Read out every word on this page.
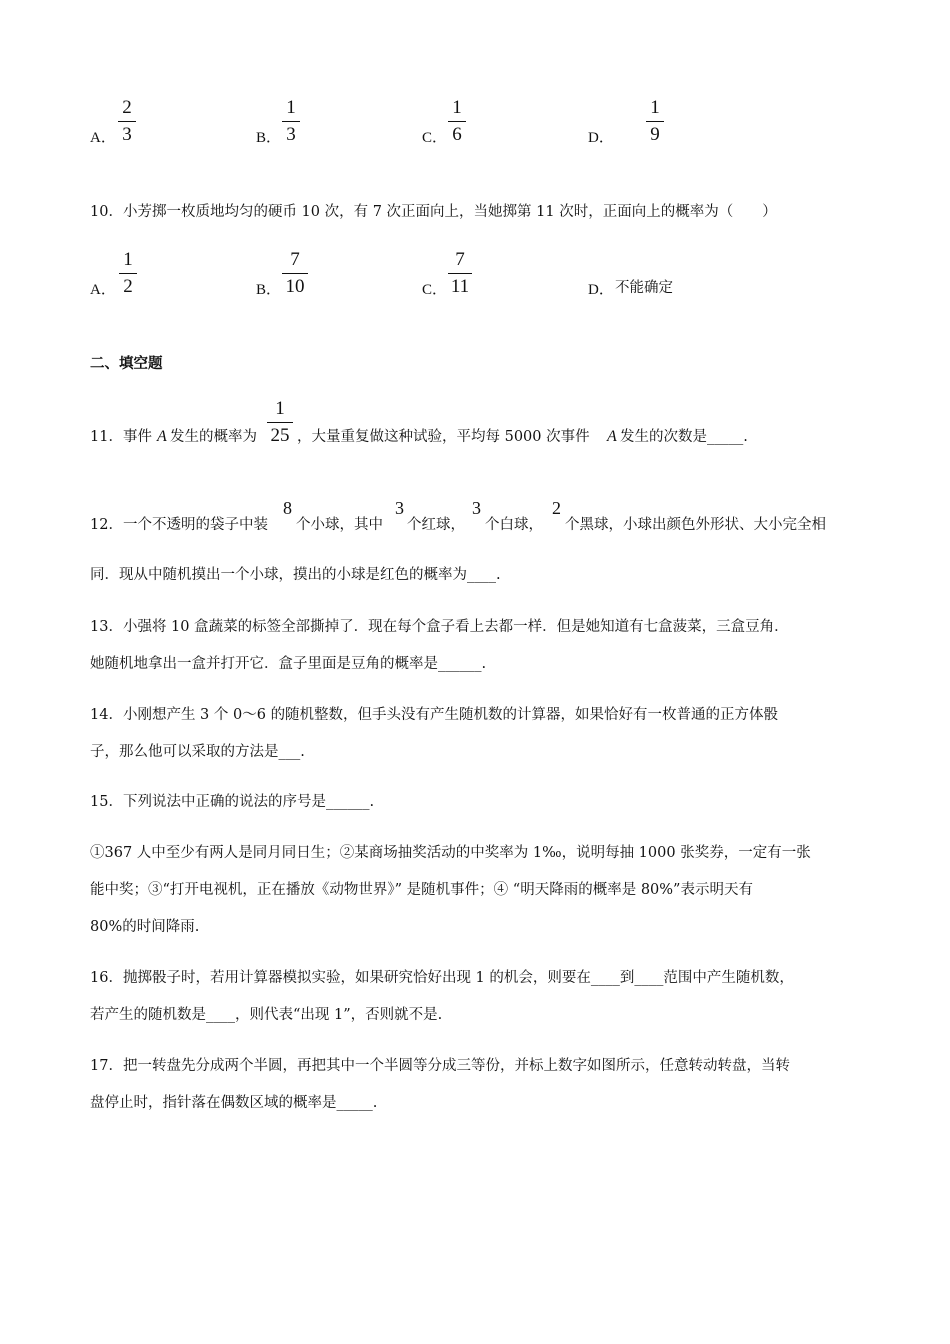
A．
2
3	B．
1
3	C．
1
6	D．
1
9
10．小芳掷一枚质地均匀的硬币 10 次，有 7 次正面向上，当她掷第 11 次时，正面向上的概率为（　　）
A．
1
2	B．
7
10	C．
7
11	D． 不能确定
二、填空题
11．事件 A 发生的概率为
1
25 ，大量重复做这种试验，平均每 5000 次事件 A 发生的次数是_____.
12．一个不透明的袋子中装
8
个小球，其中
3
个红球，
3
个白球，
2
个黑球，小球出颜色外形状、大小完全相
同．现从中随机摸出一个小球，摸出的小球是红色的概率为____.
13．小强将 10 盒蔬菜的标签全部撕掉了．现在每个盒子看上去都一样．但是她知道有七盒菠菜，三盒豆角．
她随机地拿出一盒并打开它．盒子里面是豆角的概率是______.
14．小刚想产生 3 个 0～6 的随机整数，但手头没有产生随机数的计算器，如果恰好有一枚普通的正方体骰
子，那么他可以采取的方法是___.
15．下列说法中正确的说法的序号是______.
①367 人中至少有两人是同月同日生；②某商场抽奖活动的中奖率为 1‰，说明每抽 1000 张奖券，一定有一张
能中奖；③“打开电视机，正在播放《动物世界》” 是随机事件；④ “明天降雨的概率是 80%”表示明天有
80%的时间降雨.
16．抛掷骰子时，若用计算器模拟实验，如果研究恰好出现 1 的机会，则要在____到____范围中产生随机数，
若产生的随机数是____，则代表“出现 1”，否则就不是.
17．把一转盘先分成两个半圆，再把其中一个半圆等分成三等份，并标上数字如图所示，任意转动转盘，当转
盘停止时，指针落在偶数区域的概率是_____.
